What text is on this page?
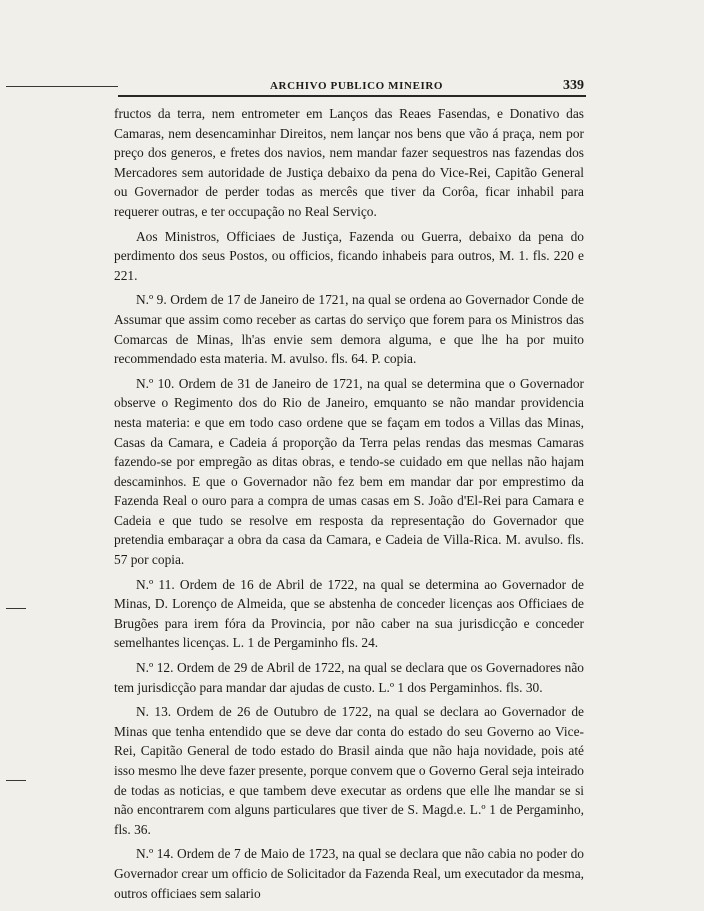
ARCHIVO PUBLICO MINEIRO	339

fructos da terra, nem entrometer em Lanços das Reaes Fasendas, e Donativo das Camaras, nem desencaminhar Direitos, nem lançar nos bens que vão á praça, nem por preço dos generos, e fretes dos navios, nem mandar fazer sequestros nas fazendas dos Mercadores sem autoridade de Justiça debaixo da pena do Vice-Rei, Capitão General ou Governador de perder todas as mercês que tiver da Corôa, ficar inhabil para requerer outras, e ter occupação no Real Serviço.

Aos Ministros, Officiaes de Justiça, Fazenda ou Guerra, debaixo da pena do perdimento dos seus Postos, ou officios, ficando inhabeis para outros, M. 1. fls. 220 e 221.

N.º 9. Ordem de 17 de Janeiro de 1721, na qual se ordena ao Governador Conde de Assumar que assim como receber as cartas do serviço que forem para os Ministros das Comarcas de Minas, lh'as envie sem demora alguma, e que lhe ha por muito recommendado esta materia. M. avulso. fls. 64. P. copia.

N.º 10. Ordem de 31 de Janeiro de 1721, na qual se determina que o Governador observe o Regimento dos do Rio de Janeiro, emquanto se não mandar providencia nesta materia: e que em todo caso ordene que se façam em todos a Villas das Minas, Casas da Camara, e Cadeia á proporção da Terra pelas rendas das mesmas Camaras fazendo-se por empregão as ditas obras, e tendo-se cuidado em que nellas não hajam descaminhos. E que o Governador não fez bem em mandar dar por emprestimo da Fazenda Real o ouro para a compra de umas casas em S. João d'El-Rei para Camara e Cadeia e que tudo se resolve em resposta da representação do Governador que pretendia embaraçar a obra da casa da Camara, e Cadeia de Villa-Rica. M. avulso. fls. 57 por copia.

N.º 11. Ordem de 16 de Abril de 1722, na qual se determina ao Governador de Minas, D. Lorenço de Almeida, que se abstenha de conceder licenças aos Officiaes de Brugões para irem fóra da Provincia, por não caber na sua jurisdicção e conceder semelhantes licenças. L. 1 de Pergaminho fls. 24.

N.º 12. Ordem de 29 de Abril de 1722, na qual se declara que os Governadores não tem jurisdicção para mandar dar ajudas de custo. L.º 1 dos Pergaminhos. fls. 30.

N. 13. Ordem de 26 de Outubro de 1722, na qual se declara ao Governador de Minas que tenha entendido que se deve dar conta do estado do seu Governo ao Vice-Rei, Capitão General de todo estado do Brasil ainda que não haja novidade, pois até isso mesmo lhe deve fazer presente, porque convem que o Governo Geral seja inteirado de todas as noticias, e que tambem deve executar as ordens que elle lhe mandar se si não encontrarem com alguns particulares que tiver de S. Magd.e. L.º 1 de Pergaminho, fls. 36.

N.º 14. Ordem de 7 de Maio de 1723, na qual se declara que não cabia no poder do Governador crear um officio de Solicitador da Fazenda Real, um executador da mesma, outros officiaes sem salario
